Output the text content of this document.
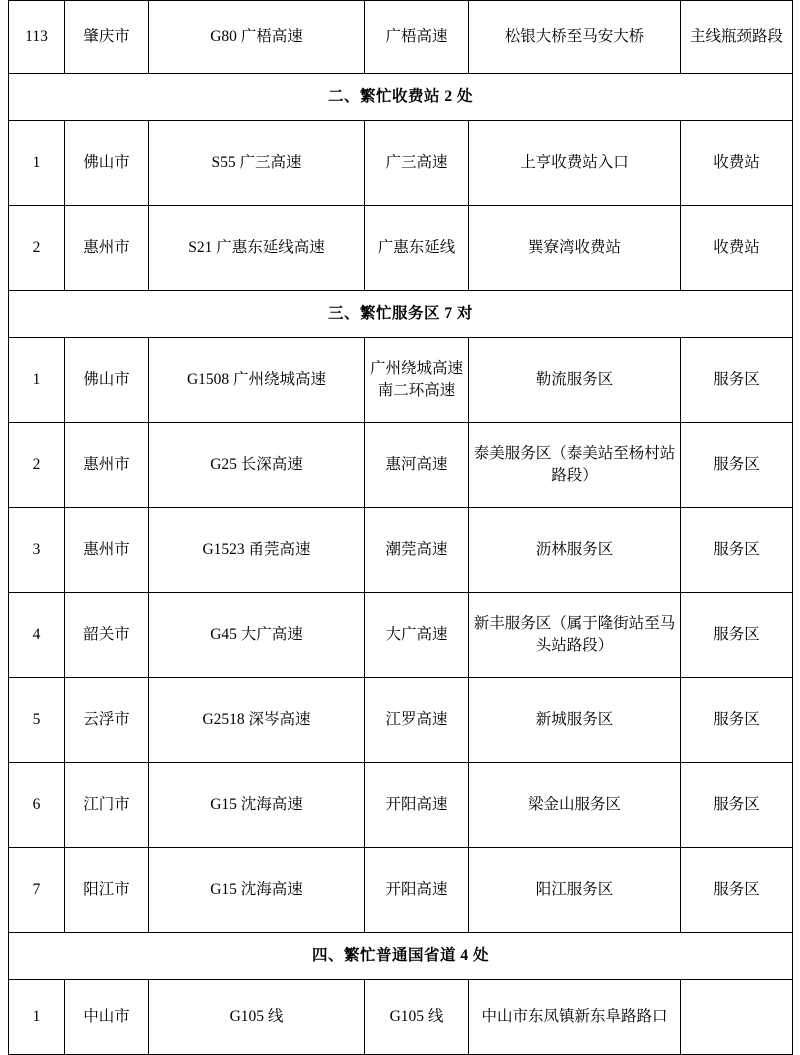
113	肇庆市	G80 广梧高速	广梧高速	松银大桥至马安大桥	主线瓶颈路段
二、繁忙收费站 2 处					
1	佛山市	S55 广三高速	广三高速	上亨收费站入口	收费站
2	惠州市	S21 广惠东延线高速	广惠东延线	巽寮湾收费站	收费站
三、繁忙服务区 7 对					
1	佛山市	G1508 广州绕城高速	广州绕城高速南二环高速	勒流服务区	服务区
2	惠州市	G25 长深高速	惠河高速	泰美服务区（泰美站至杨村站路段）	服务区
3	惠州市	G1523 甬莞高速	潮莞高速	沥林服务区	服务区
4	韶关市	G45 大广高速	大广高速	新丰服务区（属于隆街站至马头站路段）	服务区
5	云浮市	G2518 深岑高速	江罗高速	新城服务区	服务区
6	江门市	G15 沈海高速	开阳高速	梁金山服务区	服务区
7	阳江市	G15 沈海高速	开阳高速	阳江服务区	服务区
四、繁忙普通国省道 4 处					
1	中山市	G105 线	G105 线	中山市东凤镇新东阜路路口	
